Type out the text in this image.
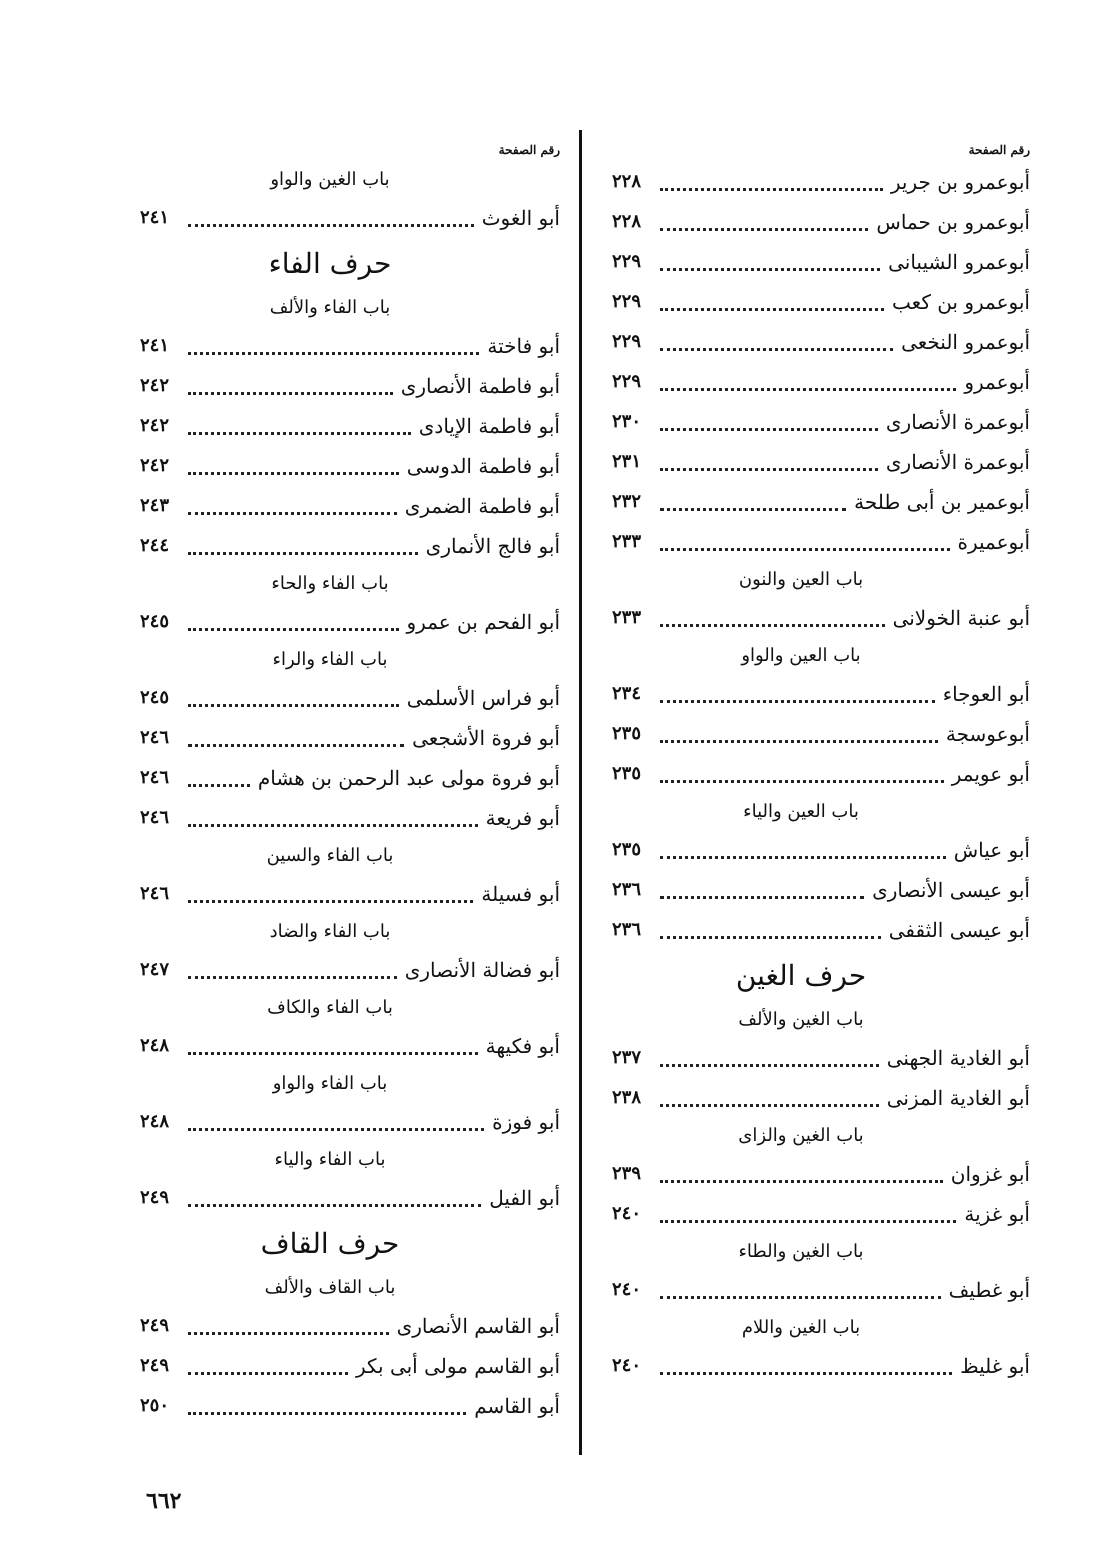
رقم الصفحة
أبوعمرو بن جرير
٢٢٨
أبوعمرو بن حماس
٢٢٨
أبوعمرو الشيبانى
٢٢٩
أبوعمرو بن كعب
٢٢٩
أبوعمرو النخعى
٢٢٩
أبوعمرو
٢٢٩
أبوعمرة الأنصارى
٢٣٠
أبوعمرة الأنصارى
٢٣١
أبوعمير بن أبى طلحة
٢٣٢
أبوعميرة
٢٣٣
باب العين والنون
أبو عنبة الخولانى
٢٣٣
باب العين والواو
أبو العوجاء
٢٣٤
أبوعوسجة
٢٣٥
أبو عويمر
٢٣٥
باب العين والياء
أبو عياش
٢٣٥
أبو عيسى الأنصارى
٢٣٦
أبو عيسى الثقفى
٢٣٦
حرف الغين
باب الغين والألف
أبو الغادية الجهنى
٢٣٧
أبو الغادية المزنى
٢٣٨
باب الغين والزاى
أبو غزوان
٢٣٩
أبو غزية
٢٤٠
باب الغين والطاء
أبو غطيف
٢٤٠
باب الغين واللام
أبو غليظ
٢٤٠
رقم الصفحة
باب الغين والواو
أبو الغوث
٢٤١
حرف الفاء
باب الفاء والألف
أبو فاختة
٢٤١
أبو فاطمة الأنصارى
٢٤٢
أبو فاطمة الإيادى
٢٤٢
أبو فاطمة الدوسى
٢٤٢
أبو فاطمة الضمرى
٢٤٣
أبو فالج الأنمارى
٢٤٤
باب الفاء والحاء
أبو الفحم بن عمرو
٢٤٥
باب الفاء والراء
أبو فراس الأسلمى
٢٤٥
أبو فروة الأشجعى
٢٤٦
أبو فروة مولى عبد الرحمن بن هشام
٢٤٦
أبو فريعة
٢٤٦
باب الفاء والسين
أبو فسيلة
٢٤٦
باب الفاء والضاد
أبو فضالة الأنصارى
٢٤٧
باب الفاء والكاف
أبو فكيهة
٢٤٨
باب الفاء والواو
أبو فوزة
٢٤٨
باب الفاء والياء
أبو الفيل
٢٤٩
حرف القاف
باب القاف والألف
أبو القاسم الأنصارى
٢٤٩
أبو القاسم مولى أبى بكر
٢٤٩
أبو القاسم
٢٥٠
٦٦٢
